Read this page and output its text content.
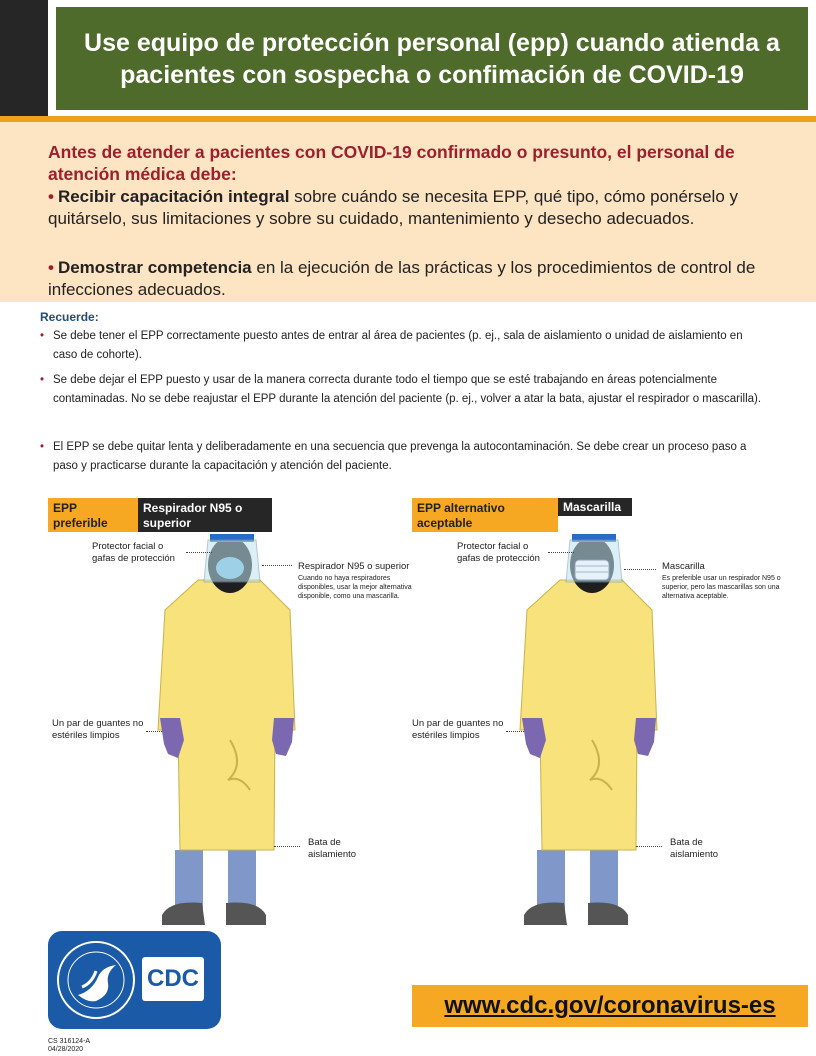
Use equipo de protección personal (epp) cuando atienda a pacientes con sospecha o confimación de COVID-19
Antes de atender a pacientes con COVID-19 confirmado o presunto, el personal de atención médica debe:
• Recibir capacitación integral sobre cuándo se necesita EPP, qué tipo, cómo ponérselo y quitárselo, sus limitaciones y sobre su cuidado, mantenimiento y desecho adecuados.
• Demostrar competencia en la ejecución de las prácticas y los procedimientos de control de infecciones adecuados.
Recuerde:
• Se debe tener el EPP correctamente puesto antes de entrar al área de pacientes (p. ej., sala de aislamiento o unidad de aislamiento en caso de cohorte).
• Se debe dejar el EPP puesto y usar de la manera correcta durante todo el tiempo que se esté trabajando en áreas potencialmente contaminadas. No se debe reajustar el EPP durante la atención del paciente (p. ej., volver a atar la bata, ajustar el respirador o mascarilla).
• El EPP se debe quitar lenta y deliberadamente en una secuencia que prevenga la autocontaminación. Se debe crear un proceso paso a paso y practicarse durante la capacitación y atención del paciente.
EPP preferible
Respirador N95 o superior
EPP alternativo aceptable
Mascarilla
Protector facial o gafas de protección
Respirador N95 o superior
Cuando no haya respiradores disponibles, usar la mejor alternativa disponible, como una mascarilla.
Un par de guantes no estériles limpios
Bata de aislamiento
Protector facial o gafas de protección
Mascarilla
Es preferible usar un respirador N95 o superior, pero las mascarillas son una alternativa aceptable.
Un par de guantes no estériles limpios
Bata de aislamiento
CDC
www.cdc.gov/coronavirus-es
CS 316124-A
04/28/2020
